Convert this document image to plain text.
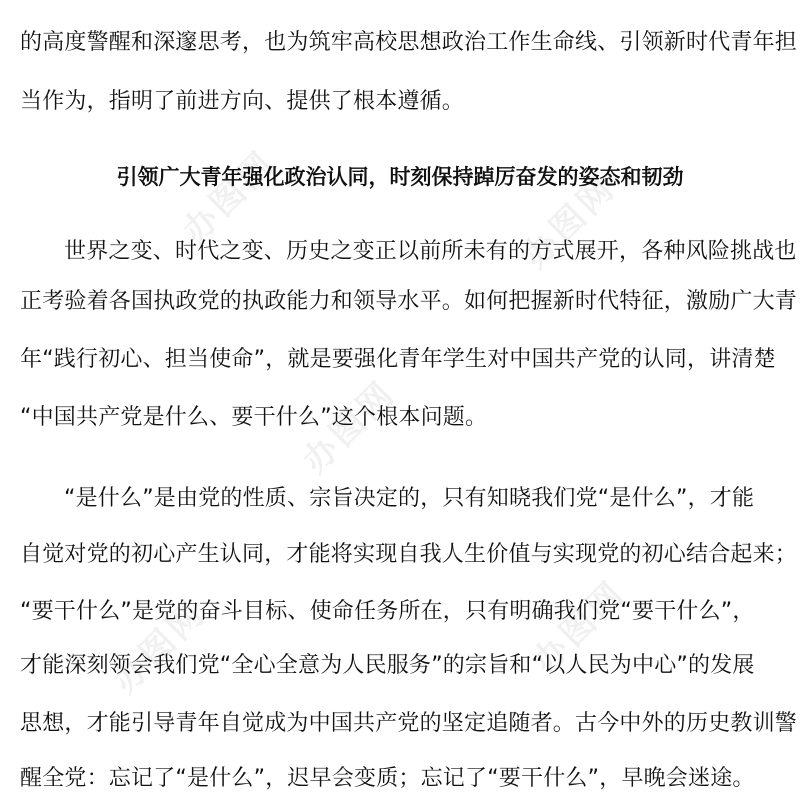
的高度警醒和深邃思考，也为筑牢高校思想政治工作生命线、引领新时代青年担
当作为，指明了前进方向、提供了根本遵循。
引领广大青年强化政治认同，时刻保持踔厉奋发的姿态和韧劲
世界之变、时代之变、历史之变正以前所未有的方式展开，各种风险挑战也
正考验着各国执政党的执政能力和领导水平。如何把握新时代特征，激励广大青
年“践行初心、担当使命”，就是要强化青年学生对中国共产党的认同，讲清楚
“中国共产党是什么、要干什么”这个根本问题。
“是什么”是由党的性质、宗旨决定的，只有知晓我们党“是什么”，才能
自觉对党的初心产生认同，才能将实现自我人生价值与实现党的初心结合起来；
“要干什么”是党的奋斗目标、使命任务所在，只有明确我们党“要干什么”，
才能深刻领会我们党“全心全意为人民服务”的宗旨和“以人民为中心”的发展
思想，才能引导青年自觉成为中国共产党的坚定追随者。古今中外的历史教训警
醒全党：忘记了“是什么”，迟早会变质；忘记了“要干什么”，早晚会迷途。
办图网	办图网
办图网
办图网
办图网
